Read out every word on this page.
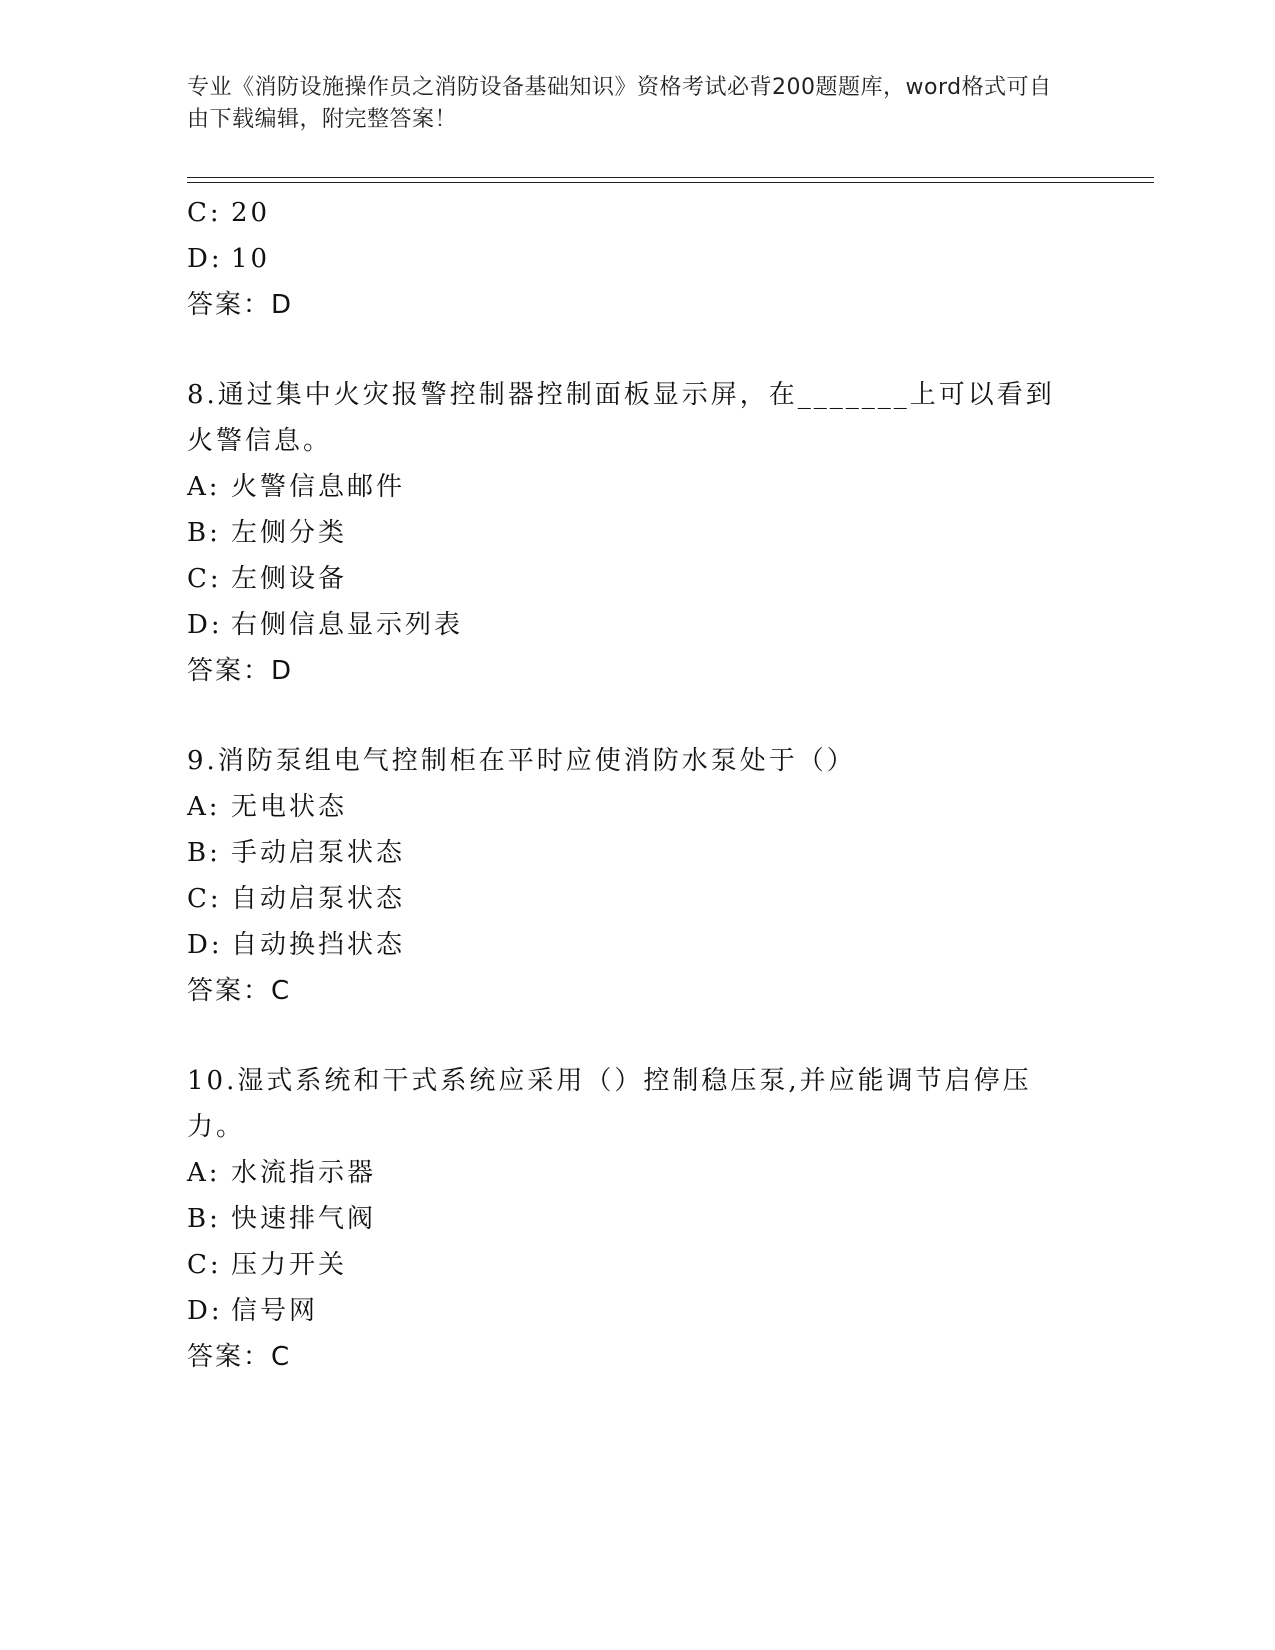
专业《消防设施操作员之消防设备基础知识》资格考试必背200题题库，word格式可自由下载编辑，附完整答案！
C: 20
D: 10
答案：D
8.通过集中火灾报警控制器控制面板显示屏，在_______上可以看到火警信息。
A: 火警信息邮件
B: 左侧分类
C: 左侧设备
D: 右侧信息显示列表
答案：D
9.消防泵组电气控制柜在平时应使消防水泵处于（）
A: 无电状态
B: 手动启泵状态
C: 自动启泵状态
D: 自动换挡状态
答案：C
10.湿式系统和干式系统应采用（）控制稳压泵,并应能调节启停压力。
A: 水流指示器
B: 快速排气阀
C: 压力开关
D: 信号网
答案：C
